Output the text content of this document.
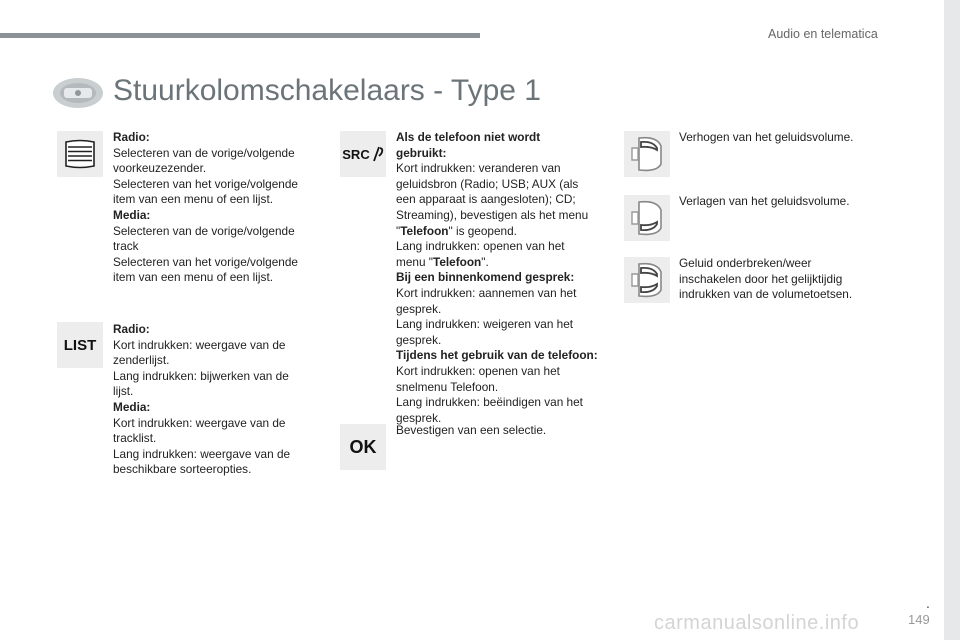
Audio en telematica
Stuurkolomschakelaars - Type 1

Radio:

Selecteren van de vorige/volgende

voorkeuzezender.

Selecteren van het vorige/volgende

item van een menu of een lijst.

Media:

Selecteren van de vorige/volgende

track

Selecteren van het vorige/volgende

item van een menu of een lijst.

LIST

Radio:

Kort indrukken: weergave van de

zenderlijst.

Lang indrukken: bijwerken van de

lijst.

Media:

Kort indrukken: weergave van de

tracklist.

Lang indrukken: weergave van de

beschikbare sorteeropties.

SRC

Als de telefoon niet wordt

gebruikt:

Kort indrukken: veranderen van

geluidsbron (Radio; USB; AUX (als

een apparaat is aangesloten); CD;

Streaming), bevestigen als het menu

"Telefoon" is geopend.

Lang indrukken: openen van het

menu "Telefoon".

Bij een binnenkomend gesprek:

Kort indrukken: aannemen van het

gesprek.

Lang indrukken: weigeren van het

gesprek.

Tijdens het gebruik van de telefoon:

Kort indrukken: openen van het

snelmenu Telefoon.

Lang indrukken: beëindigen van het

gesprek.

OK

Bevestigen van een selectie.

Verhogen van het geluidsvolume.

Verlagen van het geluidsvolume.

Geluid onderbreken/weer

inschakelen door het gelijktijdig

indrukken van de volumetoetsen.

.
carmanualsonline.info	149
